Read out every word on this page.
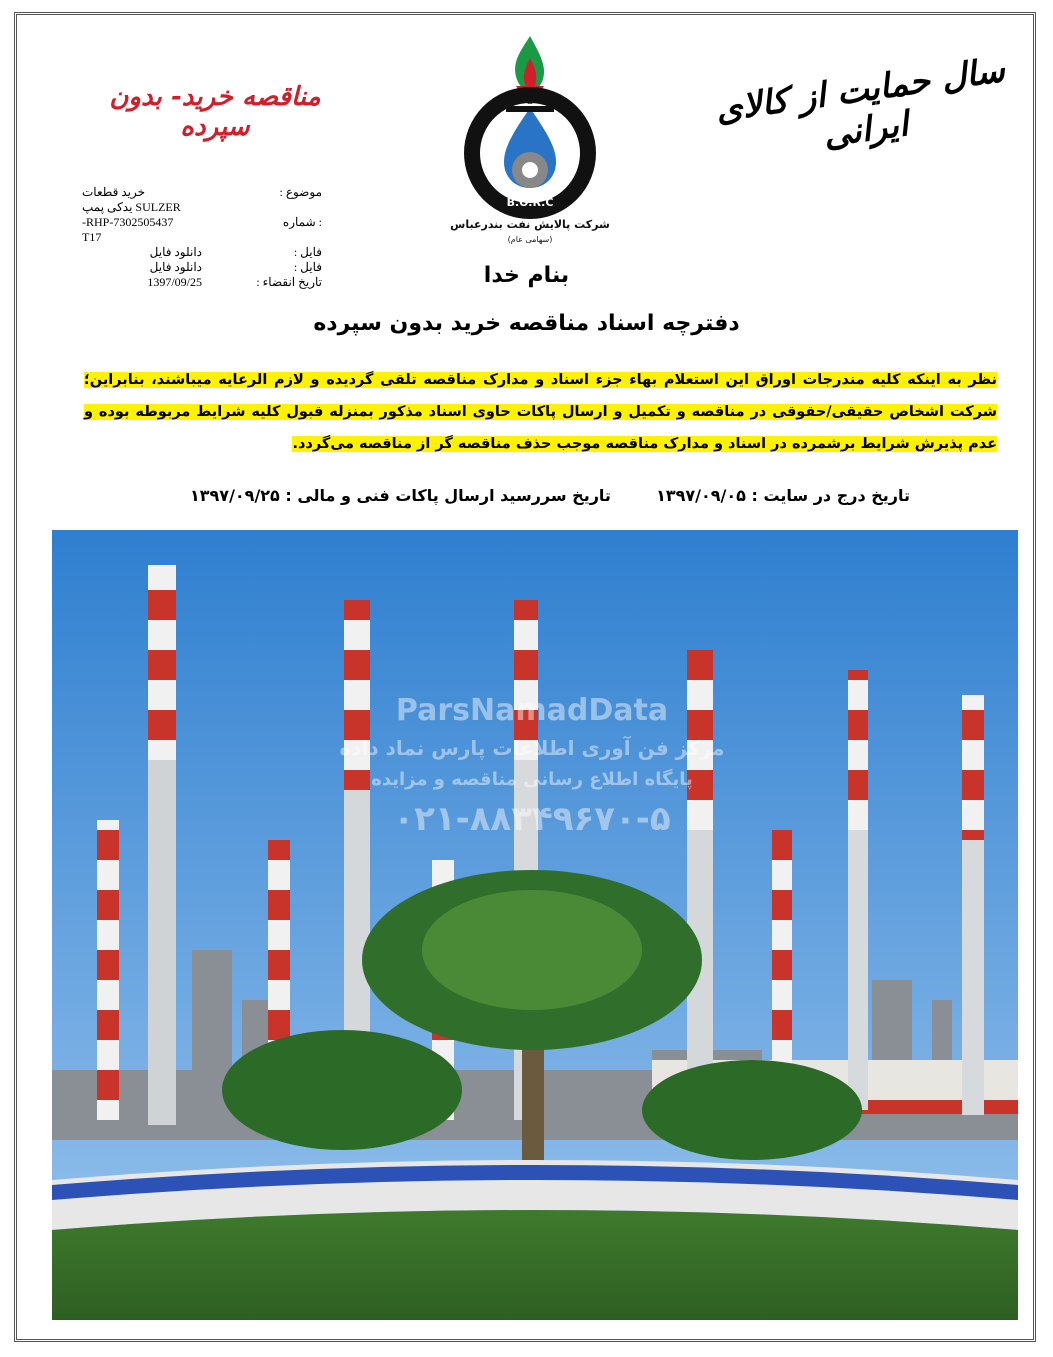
مناقصه خرید- بدون سپرده	سال حمایت از کالای ایرانی
B.O.R.C
شرکت پالایش نفت بندرعباس
(سهامی عام)
موضوع :
خرید قطعات
یدکی پمپ SULZER
: شماره
RHP-7302505437-
T17
فایل :
دانلود فایل
فایل :
دانلود فایل
تاریخ انقضاء :
1397/09/25	بنام خدا
دفترچه اسناد مناقصه خرید بدون سپرده
نظر به اینکه کلیه مندرجات اوراق این استعلام بهاء جزء اسناد و مدارک مناقصه تلقی گردیده و لازم الرعایه میباشند، بنابراین؛ شرکت اشخاص حقیقی/حقوقی در مناقصه و تکمیل و ارسال پاکات حاوی اسناد مذکور بمنزله قبول کلیه شرایط مربوطه بوده و عدم پذیرش شرایط برشمرده در اسناد و مدارک مناقصه موجب حذف مناقصه گر از مناقصه می‌گردد.
تاریخ درج در سایت : ۱۳۹۷/۰۹/۰۵
تاریخ سررسید ارسال پاکات فنی و مالی : ۱۳۹۷/۰۹/۲۵
ParsNamadData
مرکز فن آوری اطلاعات پارس نماد داده
پایگاه اطلاع رسانی مناقصه و مزایده
۰۲۱-۸۸۳۴۹۶۷۰-۵
